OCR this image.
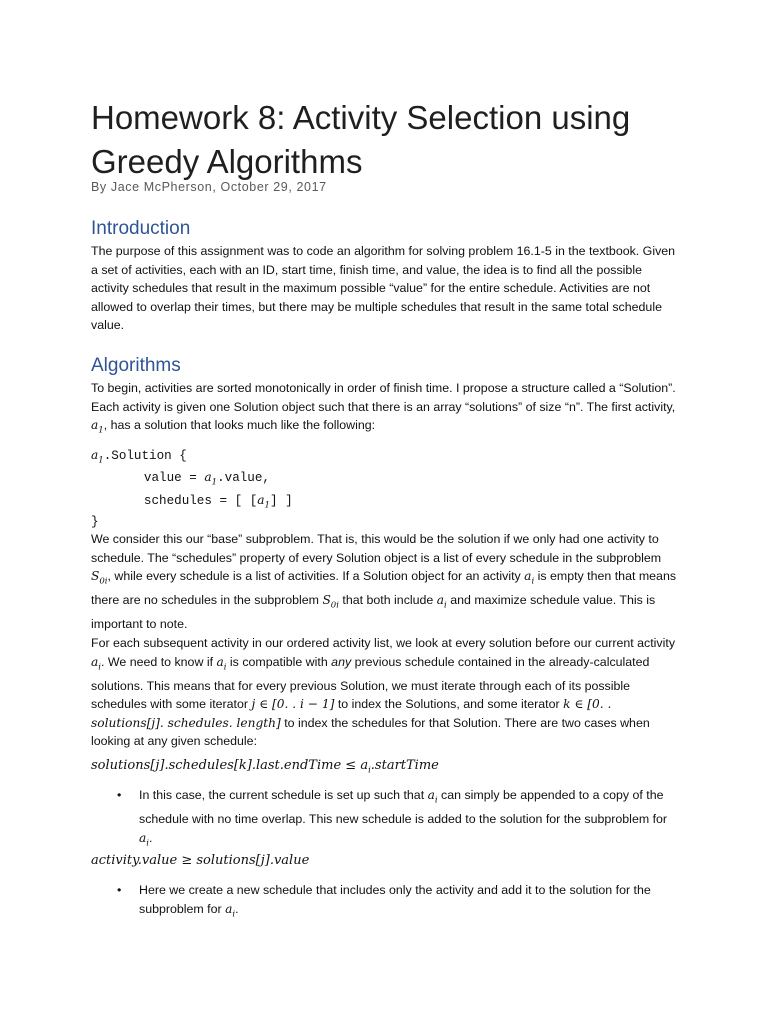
Homework 8: Activity Selection using
Greedy Algorithms
By Jace McPherson, October 29, 2017
Introduction

The purpose of this assignment was to code an algorithm for solving problem 16.1-5 in the textbook. Given a set of activities, each with an ID, start time, finish time, and value, the idea is to find all the possible activity schedules that result in the maximum possible “value” for the entire schedule. Activities are not allowed to overlap their times, but there may be multiple schedules that result in the same total schedule value.

Algorithms

To begin, activities are sorted monotonically in order of finish time. I propose a structure called a “Solution”. Each activity is given one Solution object such that there is an array “solutions” of size “n”. The first activity, $a_1$, has a solution that looks much like the following:

$a_1.Solution$ {
value = $a_1.value$,
schedules = [ $[a_1]$ ]
}

We consider this our “base” subproblem. That is, this would be the solution if we only had one activity to schedule. The “schedules” property of every Solution object is a list of every schedule in the subproblem $S_{0i}$, while every schedule is a list of activities. If a Solution object for an activity $a_i$ is empty then that means there are no schedules in the subproblem $S_{0i}$ that both include $a_i$ and maximize schedule value. This is important to note.

For each subsequent activity in our ordered activity list, we look at every solution before our current activity $a_i$. We need to know if $a_i$ is compatible with any previous schedule contained in the already-calculated solutions. This means that for every previous Solution, we must iterate through each of its possible schedules with some iterator j ∈ [0. . i − 1] to index the Solutions, and some iterator k ∈ [0. . solutions[j]. schedules. length] to index the schedules for that Solution. There are two cases when looking at any given schedule:

solutions[j].schedules[k].last.endTime ≤ $a_i.startTime$
•	In this case, the current schedule is set up such that $a_i$ can simply be appended to a copy of the schedule with no time overlap. This new schedule is added to the solution for the subproblem for $a_i$.
activity.value ≥ solutions[j].value
•	Here we create a new schedule that includes only the activity and add it to the solution for the subproblem for $a_i$.
